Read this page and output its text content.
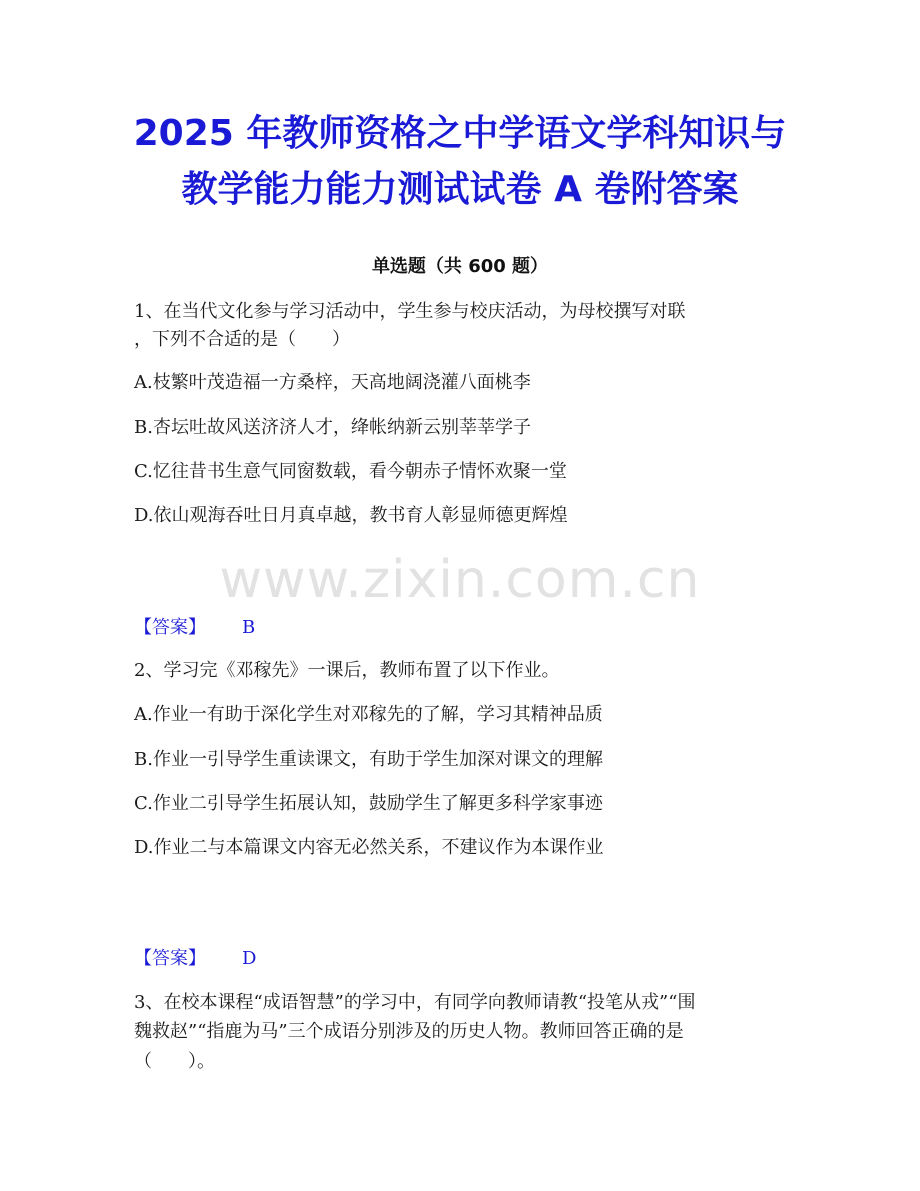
2025 年教师资格之中学语文学科知识与
教学能力能力测试试卷 A 卷附答案
单选题（共 600 题）
1、在当代文化参与学习活动中，学生参与校庆活动，为母校撰写对联
，下列不合适的是（　　）
A.枝繁叶茂造福一方桑梓，天高地阔浇灌八面桃李
B.杏坛吐故风送济济人才，绛帐纳新云别莘莘学子
C.忆往昔书生意气同窗数载，看今朝赤子情怀欢聚一堂
D.依山观海吞吐日月真卓越，教书育人彰显师德更辉煌
www.zixin.com.cn
【答案】 B
2、学习完《邓稼先》一课后，教师布置了以下作业。
A.作业一有助于深化学生对邓稼先的了解，学习其精神品质
B.作业一引导学生重读课文，有助于学生加深对课文的理解
C.作业二引导学生拓展认知，鼓励学生了解更多科学家事迹
D.作业二与本篇课文内容无必然关系，不建议作为本课作业
【答案】 D
3、在校本课程“成语智慧”的学习中，有同学向教师请教“投笔从戎”“围
魏救赵”“指鹿为马”三个成语分别涉及的历史人物。教师回答正确的是
（　　）。
